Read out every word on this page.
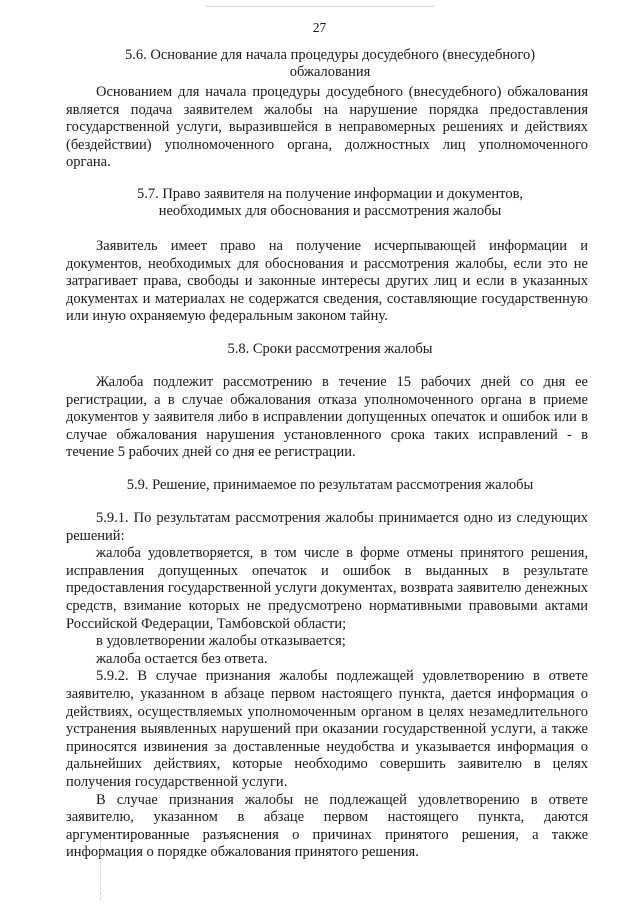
27
5.6. Основание для начала процедуры досудебного (внесудебного)
обжалования
Основанием для начала процедуры досудебного (внесудебного) обжалования является подача заявителем жалобы на нарушение порядка предоставления государственной услуги, выразившейся в неправомерных решениях и действиях (бездействии) уполномоченного органа, должностных лиц уполномоченного органа.
5.7. Право заявителя на получение информации и документов,
необходимых для обоснования и рассмотрения жалобы
Заявитель имеет право на получение исчерпывающей информации и документов, необходимых для обоснования и рассмотрения жалобы, если это не затрагивает права, свободы и законные интересы других лиц и если в указанных документах и материалах не содержатся сведения, составляющие государственную или иную охраняемую федеральным законом тайну.
5.8. Сроки рассмотрения жалобы
Жалоба подлежит рассмотрению в течение 15 рабочих дней со дня ее регистрации, а в случае обжалования отказа уполномоченного органа в приеме документов у заявителя либо в исправлении допущенных опечаток и ошибок или в случае обжалования нарушения установленного срока таких исправлений - в течение 5 рабочих дней со дня ее регистрации.
5.9. Решение, принимаемое по результатам рассмотрения жалобы
5.9.1. По результатам рассмотрения жалобы принимается одно из следующих решений:
жалоба удовлетворяется, в том числе в форме отмены принятого решения, исправления допущенных опечаток и ошибок в выданных в результате предоставления государственной услуги документах, возврата заявителю денежных средств, взимание которых не предусмотрено нормативными правовыми актами Российской Федерации, Тамбовской области;
в удовлетворении жалобы отказывается;
жалоба остается без ответа.
5.9.2. В случае признания жалобы подлежащей удовлетворению в ответе заявителю, указанном в абзаце первом настоящего пункта, дается информация о действиях, осуществляемых уполномоченным органом в целях незамедлительного устранения выявленных нарушений при оказании государственной услуги, а также приносятся извинения за доставленные неудобства и указывается информация о дальнейших действиях, которые необходимо совершить заявителю в целях получения государственной услуги.
В случае признания жалобы не подлежащей удовлетворению в ответе заявителю, указанном в абзаце первом настоящего пункта, даются аргументированные разъяснения о причинах принятого решения, а также информация о порядке обжалования принятого решения.
